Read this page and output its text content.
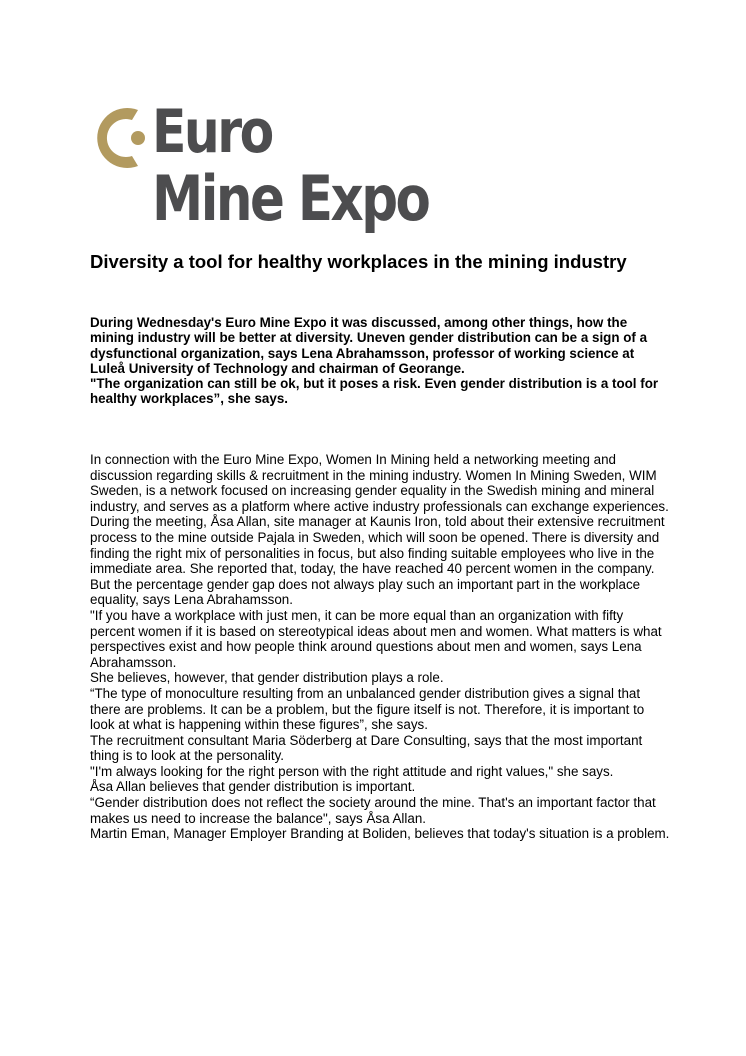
Euro
Mine Expo
Diversity a tool for healthy workplaces in the mining industry

During Wednesday's Euro Mine Expo it was discussed, among other things, how the mining industry will be better at diversity. Uneven gender distribution can be a sign of a dysfunctional organization, says Lena Abrahamsson, professor of working science at Luleå University of Technology and chairman of Georange.

"The organization can still be ok, but it poses a risk. Even gender distribution is a tool for healthy workplaces”, she says.

In connection with the Euro Mine Expo, Women In Mining held a networking meeting and discussion regarding skills & recruitment in the mining industry. Women In Mining Sweden, WIM Sweden, is a network focused on increasing gender equality in the Swedish mining and mineral industry, and serves as a platform where active industry professionals can exchange experiences.

During the meeting, Åsa Allan, site manager at Kaunis Iron, told about their extensive recruitment process to the mine outside Pajala in Sweden, which will soon be opened. There is diversity and finding the right mix of personalities in focus, but also finding suitable employees who live in the immediate area. She reported that, today, the have reached 40 percent women in the company.

But the percentage gender gap does not always play such an important part in the workplace equality, says Lena Abrahamsson.

"If you have a workplace with just men, it can be more equal than an organization with fifty percent women if it is based on stereotypical ideas about men and women. What matters is what perspectives exist and how people think around questions about men and women, says Lena Abrahamsson.

She believes, however, that gender distribution plays a role.

“The type of monoculture resulting from an unbalanced gender distribution gives a signal that there are problems. It can be a problem, but the figure itself is not. Therefore, it is important to look at what is happening within these figures”, she says.

The recruitment consultant Maria Söderberg at Dare Consulting, says that the most important thing is to look at the personality.

"I'm always looking for the right person with the right attitude and right values," she says.

Åsa Allan believes that gender distribution is important.

“Gender distribution does not reflect the society around the mine. That's an important factor that makes us need to increase the balance", says Åsa Allan.

Martin Eman, Manager Employer Branding at Boliden, believes that today's situation is a problem.
